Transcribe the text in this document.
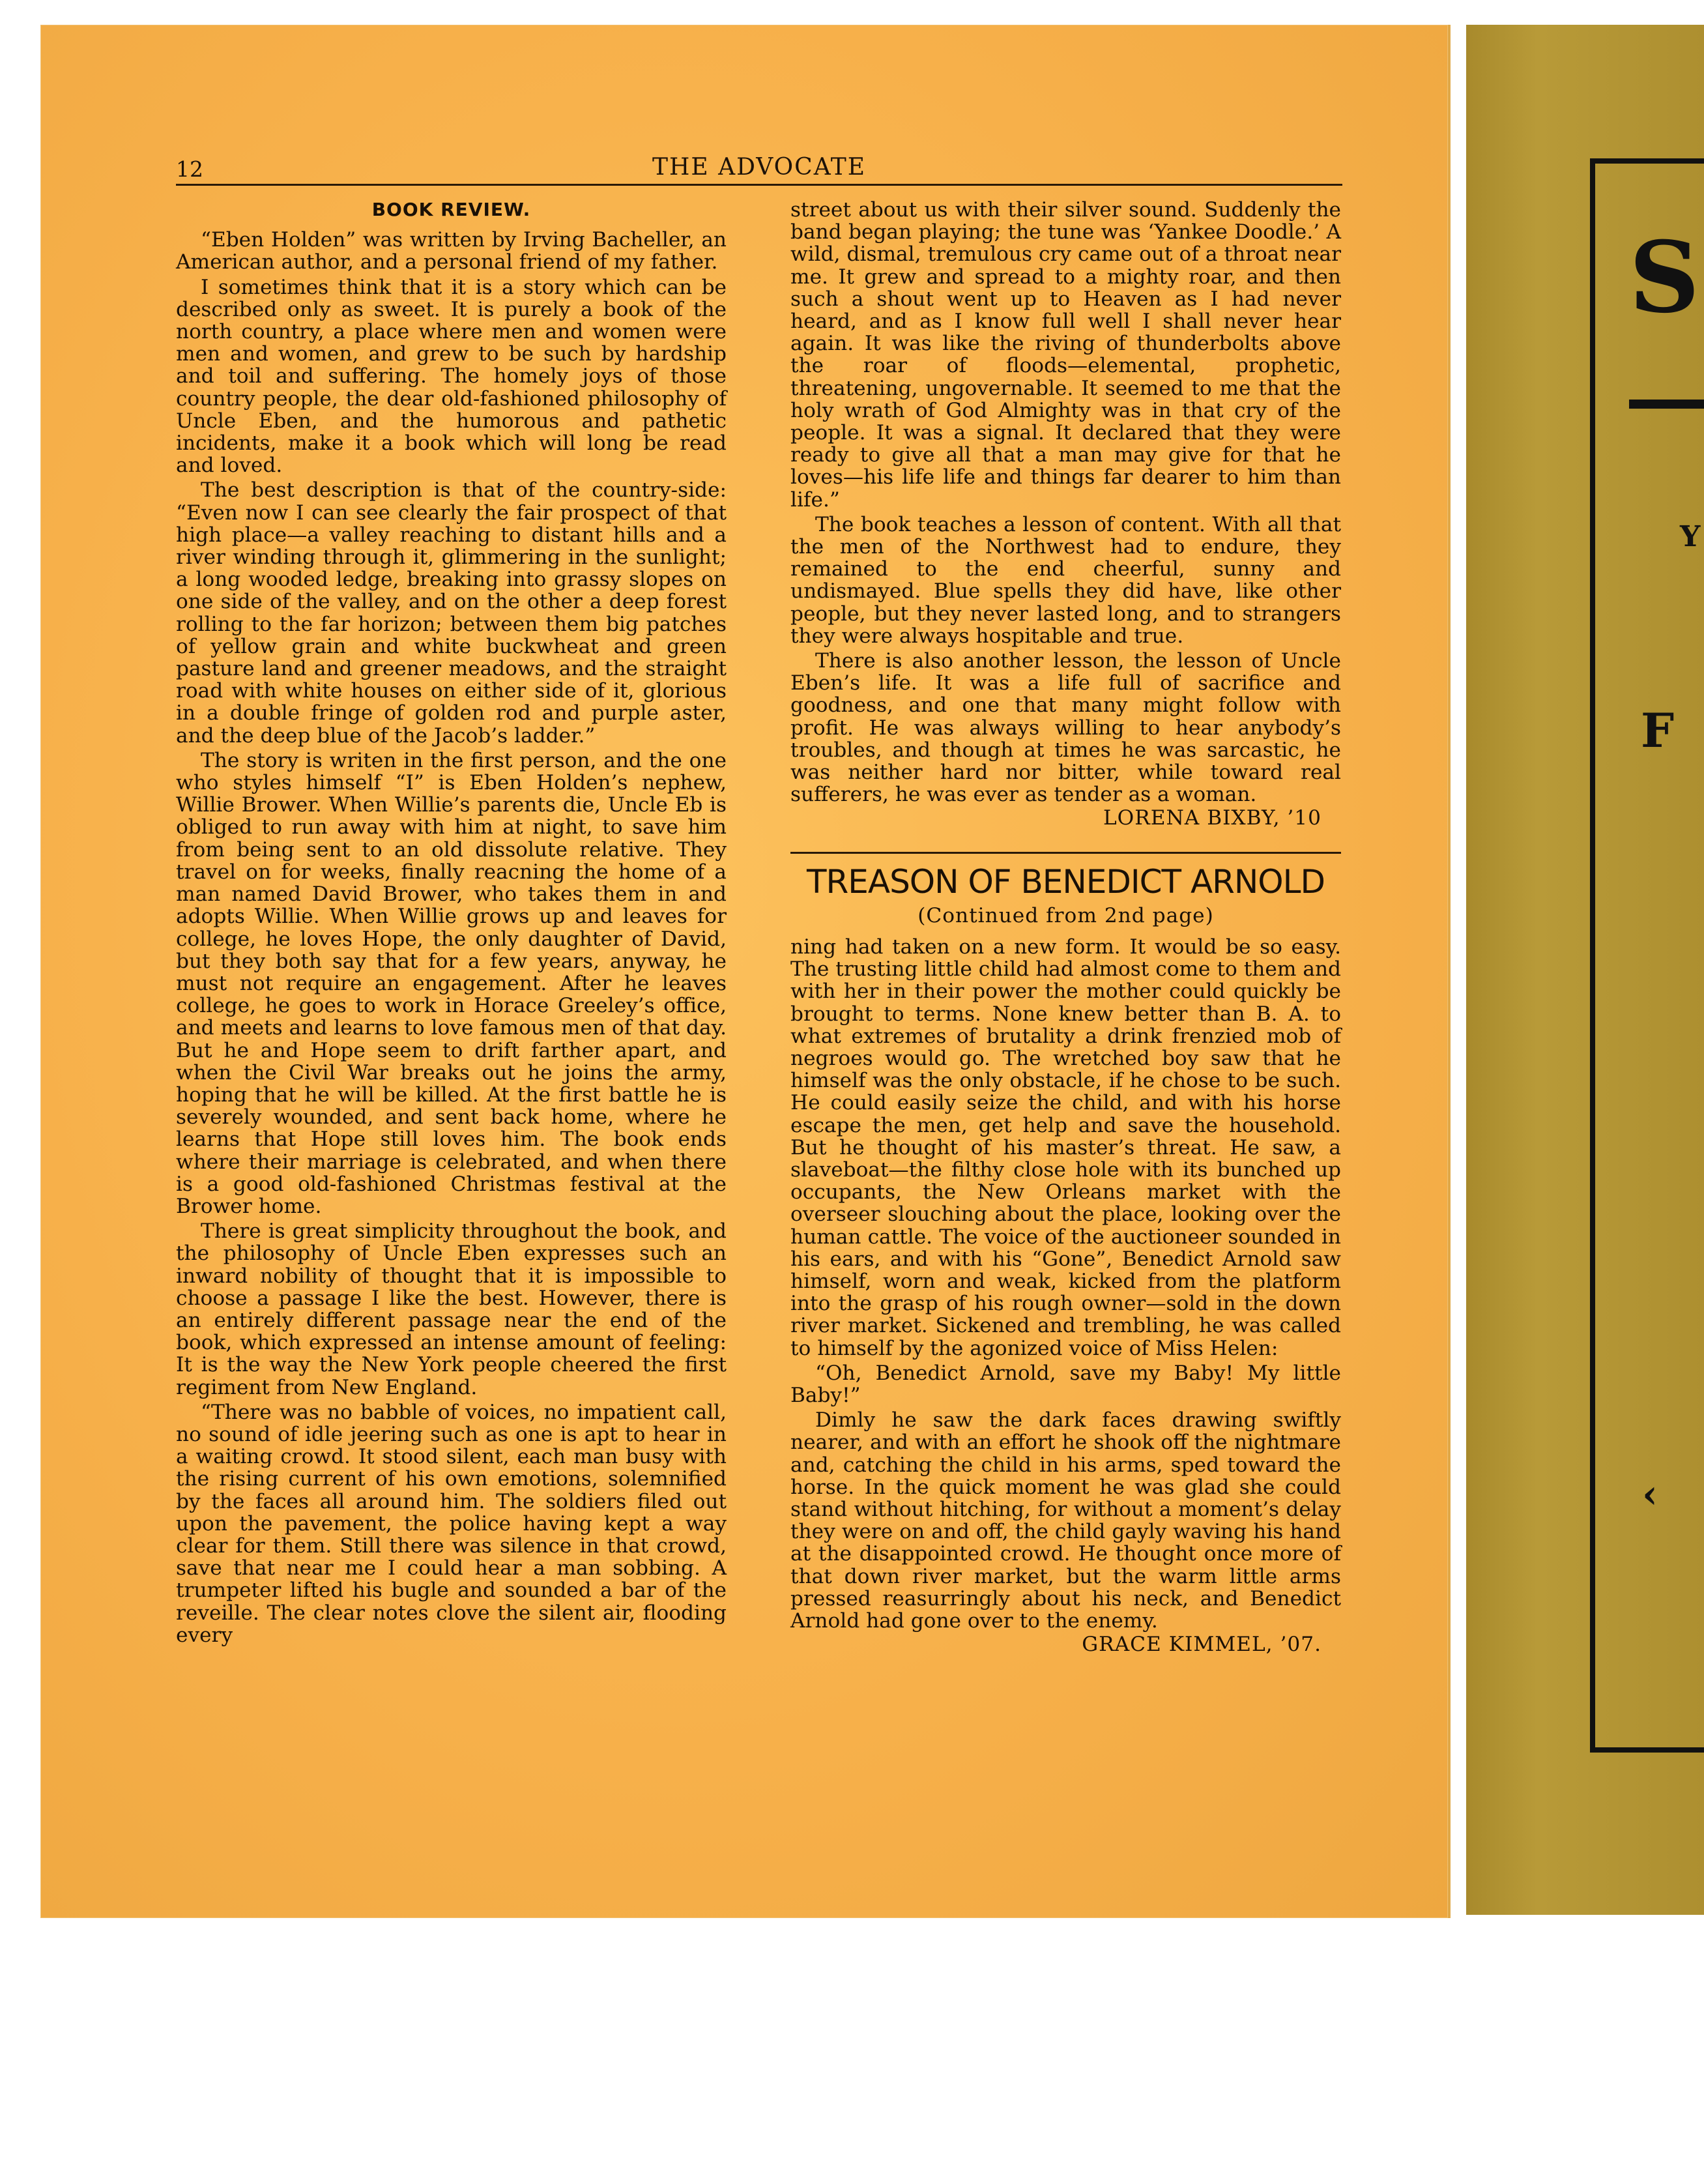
S
Y
F
‹
12	THE ADVOCATE
BOOK REVIEW.

“Eben Holden” was written by Irving Bacheller, an American author, and a personal friend of my father.

I sometimes think that it is a story which can be described only as sweet. It is purely a book of the north country, a place where men and women were men and women, and grew to be such by hardship and toil and suffering. The homely joys of those country people, the dear old-fashioned philosophy of Uncle Eben, and the humorous and pathetic incidents, make it a book which will long be read and loved.

The best description is that of the country-side: “Even now I can see clearly the fair prospect of that high place—a valley reaching to distant hills and a river winding through it, glimmering in the sunlight; a long wooded ledge, breaking into grassy slopes on one side of the valley, and on the other a deep forest rolling to the far horizon; between them big patches of yellow grain and white buckwheat and green pasture land and greener meadows, and the straight road with white houses on either side of it, glorious in a double fringe of golden rod and purple aster, and the deep blue of the Jacob’s ladder.”

The story is writen in the first person, and the one who styles himself “I” is Eben Holden’s nephew, Willie Brower. When Willie’s parents die, Uncle Eb is obliged to run away with him at night, to save him from being sent to an old dissolute relative. They travel on for weeks, finally reacning the home of a man named David Brower, who takes them in and adopts Willie. When Willie grows up and leaves for college, he loves Hope, the only daughter of David, but they both say that for a few years, anyway, he must not require an engagement. After he leaves college, he goes to work in Horace Greeley’s office, and meets and learns to love famous men of that day. But he and Hope seem to drift farther apart, and when the Civil War breaks out he joins the army, hoping that he will be killed. At the first battle he is severely wounded, and sent back home, where he learns that Hope still loves him. The book ends where their marriage is celebrated, and when there is a good old-fashioned Christmas festival at the Brower home.

There is great simplicity throughout the book, and the philosophy of Uncle Eben expresses such an inward nobility of thought that it is impossible to choose a passage I like the best. However, there is an entirely different passage near the end of the book, which expressed an intense amount of feeling: It is the way the New York people cheered the first regiment from New England.

“There was no babble of voices, no impatient call, no sound of idle jeering such as one is apt to hear in a waiting crowd. It stood silent, each man busy with the rising current of his own emotions, solemnified by the faces all around him. The soldiers filed out upon the pavement, the police having kept a way clear for them. Still there was silence in that crowd, save that near me I could hear a man sobbing. A trumpeter lifted his bugle and sounded a bar of the reveille. The clear notes clove the silent air, flooding every

street about us with their silver sound. Suddenly the band began playing; the tune was ‘Yankee Doodle.’ A wild, dismal, tremulous cry came out of a throat near me. It grew and spread to a mighty roar, and then such a shout went up to Heaven as I had never heard, and as I know full well I shall never hear again. It was like the riving of thunderbolts above the roar of floods—elemental, prophetic, threatening, ungovernable. It seemed to me that the holy wrath of God Almighty was in that cry of the people. It was a signal. It declared that they were ready to give all that a man may give for that he loves—his life life and things far dearer to him than life.”

The book teaches a lesson of content. With all that the men of the Northwest had to endure, they remained to the end cheerful, sunny and undismayed. Blue spells they did have, like other people, but they never lasted long, and to strangers they were always hospitable and true.

There is also another lesson, the lesson of Uncle Eben’s life. It was a life full of sacrifice and goodness, and one that many might follow with profit. He was always willing to hear anybody’s troubles, and though at times he was sarcastic, he was neither hard nor bitter, while toward real sufferers, he was ever as tender as a woman.

LORENA BIXBY, ’10
TREASON OF BENEDICT ARNOLD
(Continued from 2nd page)

ning had taken on a new form. It would be so easy. The trusting little child had almost come to them and with her in their power the mother could quickly be brought to terms. None knew better than B. A. to what extremes of brutality a drink frenzied mob of negroes would go. The wretched boy saw that he himself was the only obstacle, if he chose to be such. He could easily seize the child, and with his horse escape the men, get help and save the household. But he thought of his master’s threat. He saw, a slaveboat—the filthy close hole with its bunched up occupants, the New Orleans market with the overseer slouching about the place, looking over the human cattle. The voice of the auctioneer sounded in his ears, and with his “Gone”, Benedict Arnold saw himself, worn and weak, kicked from the platform into the grasp of his rough owner—sold in the down river market. Sickened and trembling, he was called to himself by the agonized voice of Miss Helen:

“Oh, Benedict Arnold, save my Baby! My little Baby!”

Dimly he saw the dark faces drawing swiftly nearer, and with an effort he shook off the nightmare and, catching the child in his arms, sped toward the horse. In the quick moment he was glad she could stand without hitching, for without a moment’s delay they were on and off, the child gayly waving his hand at the disappointed crowd. He thought once more of that down river market, but the warm little arms pressed reasurringly about his neck, and Benedict Arnold had gone over to the enemy.

GRACE KIMMEL, ’07.
